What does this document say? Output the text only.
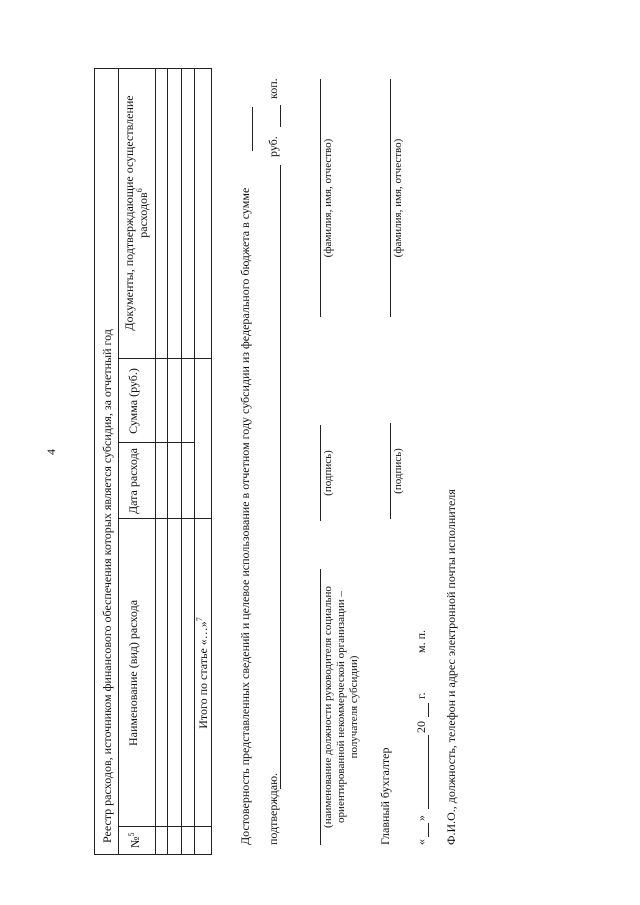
4	Реестр расходов, источником финансового обеспечения которых является субсидия, за отчетный год №$^5$
Наименование (вид) расхода
Дата расхода
Сумма (руб.)
Документы, подтверждающие осуществление расходов$^6$
Итого по статье «…»$^7$	Достоверность представленных сведений и целевое использование в отчетном году субсидии из федерального бюджета в сумме подтверждаю.
руб.
коп.
(наименование должности руководителя социально ориентированной некоммерческой организации – получателя субсидии)
(подпись)
(фамилия, имя, отчество)
Главный бухгалтер
(подпись)
(фамилия, имя, отчество)
«
»
20
г.
м. п. Ф.И.О., должность, телефон и адрес электронной почты исполнителя
